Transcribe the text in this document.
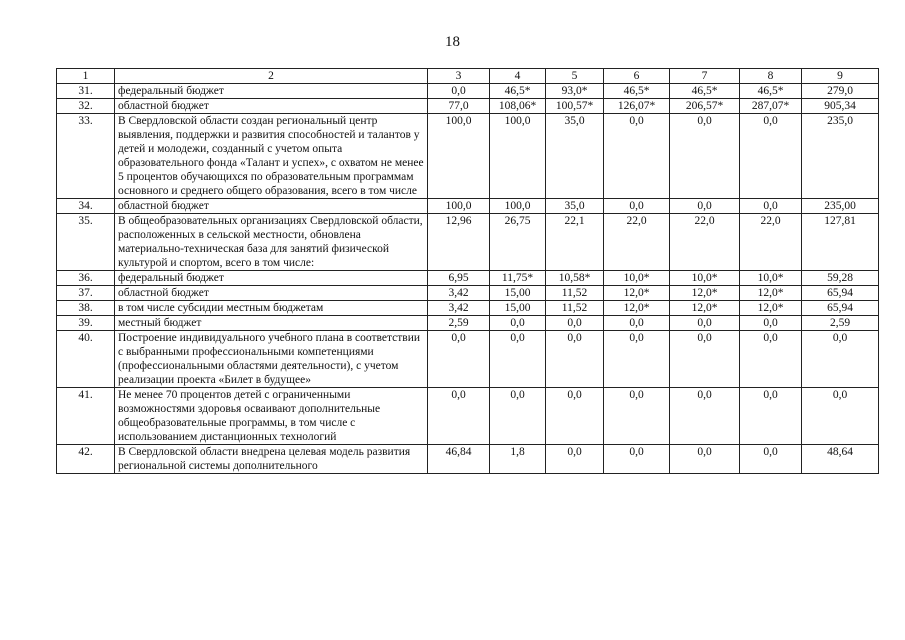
18
1	2	3	4	5	6	7	8	9
31.	федеральный бюджет	0,0	46,5*	93,0*	46,5*	46,5*	46,5*	279,0
32.	областной бюджет	77,0	108,06*	100,57*	126,07*	206,57*	287,07*	905,34
33.	В Свердловской области создан региональный центр выявления, поддержки и развития способностей и талантов у детей и молодежи, созданный с учетом опыта образовательного фонда «Талант и успех», с охватом не менее 5 процентов обучающихся по образовательным программам основного и среднего общего образования, всего в том числе	100,0	100,0	35,0	0,0	0,0	0,0	235,0
34.	областной бюджет	100,0	100,0	35,0	0,0	0,0	0,0	235,00
35.	В общеобразовательных организациях Свердловской области, расположенных в сельской местности, обновлена материально-техническая база для занятий физической культурой и спортом, всего в том числе:	12,96	26,75	22,1	22,0	22,0	22,0	127,81
36.	федеральный бюджет	6,95	11,75*	10,58*	10,0*	10,0*	10,0*	59,28
37.	областной бюджет	3,42	15,00	11,52	12,0*	12,0*	12,0*	65,94
38.	в том числе субсидии местным бюджетам	3,42	15,00	11,52	12,0*	12,0*	12,0*	65,94
39.	местный бюджет	2,59	0,0	0,0	0,0	0,0	0,0	2,59
40.	Построение индивидуального учебного плана в соответствии с выбранными профессиональными компетенциями (профессиональными областями деятельности), с учетом реализации проекта «Билет в будущее»	0,0	0,0	0,0	0,0	0,0	0,0	0,0
41.	Не менее 70 процентов детей с ограниченными возможностями здоровья осваивают дополнительные общеобразовательные программы, в том числе с использованием дистанционных технологий	0,0	0,0	0,0	0,0	0,0	0,0	0,0
42.	В Свердловской области внедрена целевая модель развития региональной системы дополнительного	46,84	1,8	0,0	0,0	0,0	0,0	48,64
